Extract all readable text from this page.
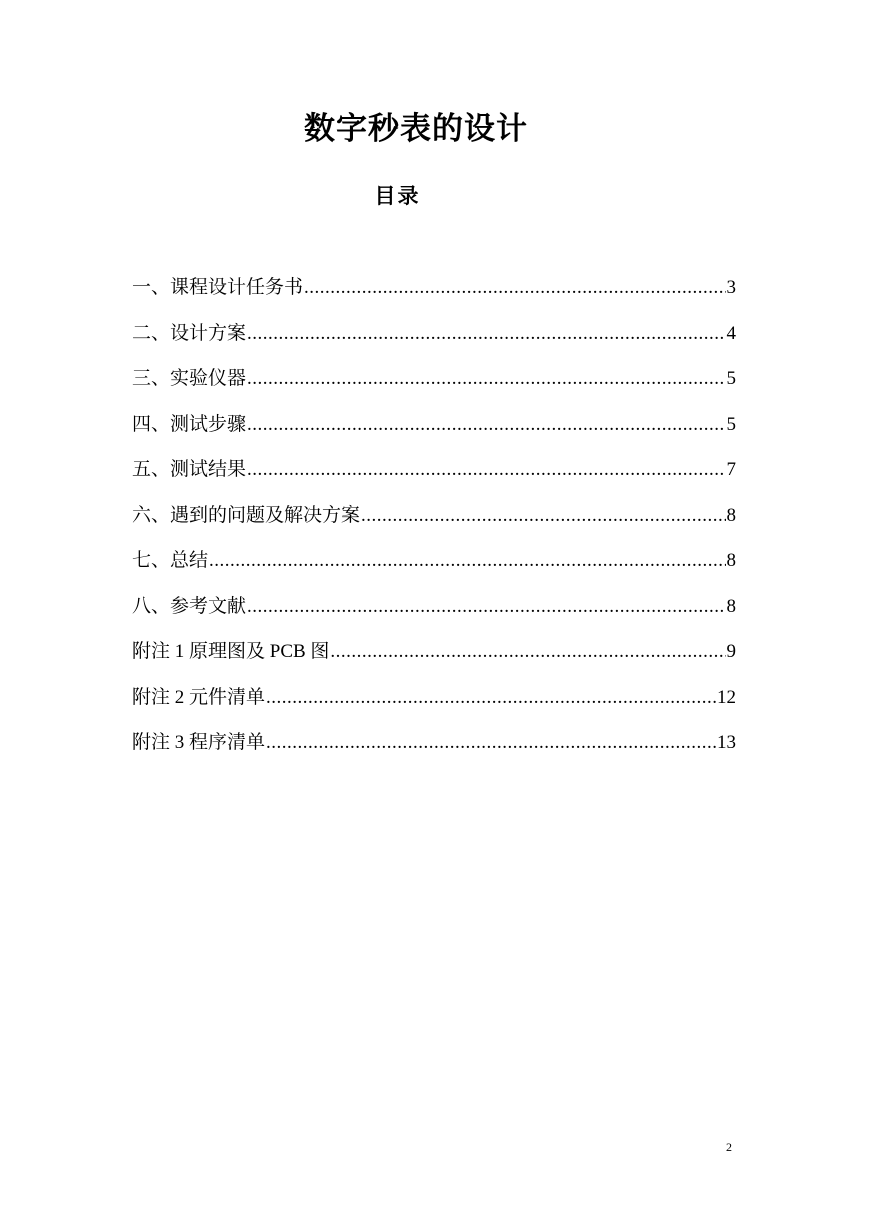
数字秒表的设计
目录
一、课程设计任务书 .....	3
二、设计方案 .....	4
三、实验仪器 .....	5
四、测试步骤 .....	5
五、测试结果 .....	7
六、遇到的问题及解决方案 .....	8
七、总结 .....	8
八、参考文献 .....	8
附注 1 原理图及 PCB 图 .....	9
附注 2 元件清单 .....	12
附注 3 程序清单 .....	13
2
